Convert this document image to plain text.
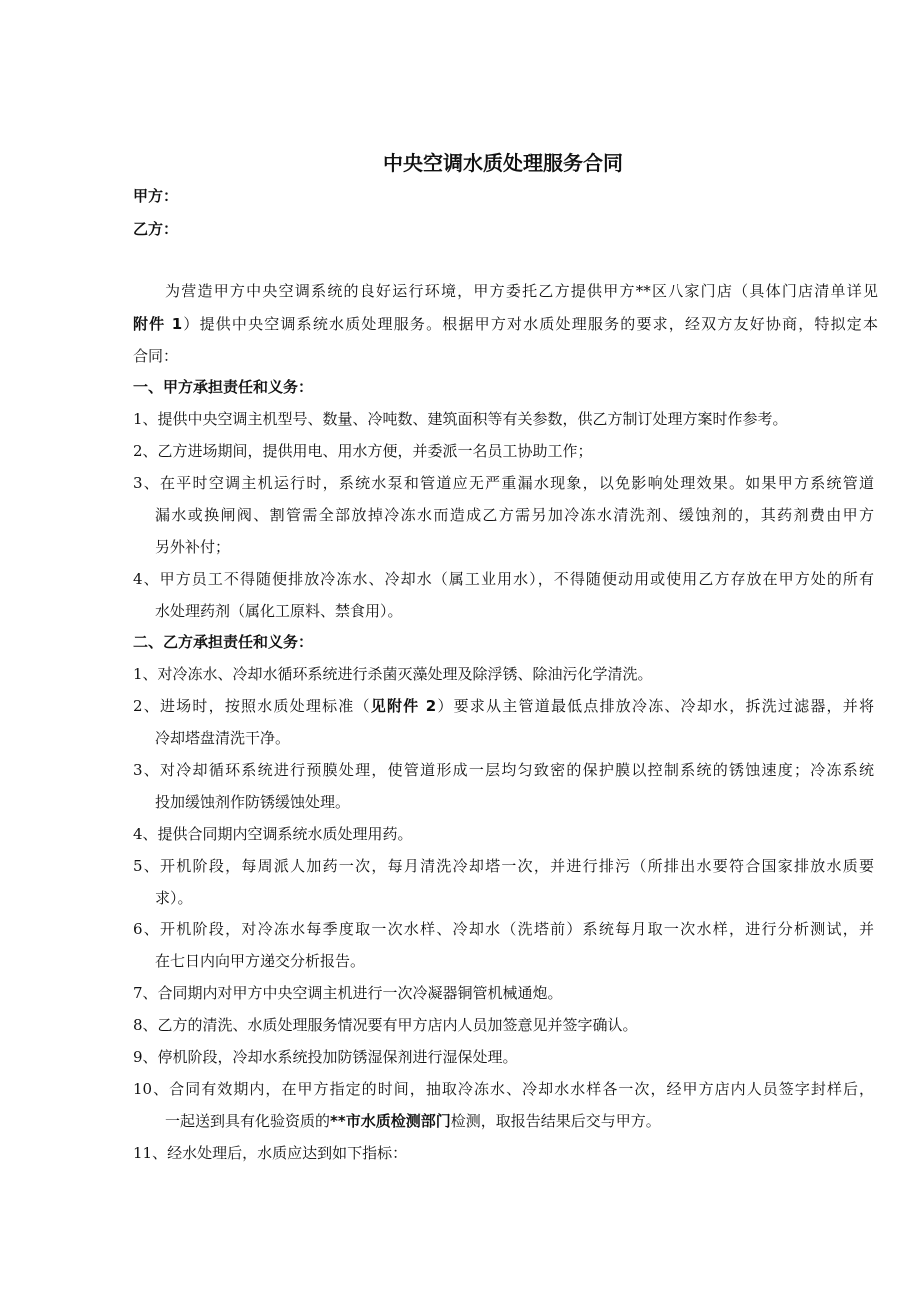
中央空调水质处理服务合同
甲方：
乙方：
为营造甲方中央空调系统的良好运行环境，甲方委托乙方提供甲方**区八家门店（具体门店清单详见
附件 1）提供中央空调系统水质处理服务。根据甲方对水质处理服务的要求，经双方友好协商，特拟定本
合同：
一、甲方承担责任和义务：
1、提供中央空调主机型号、数量、冷吨数、建筑面积等有关参数，供乙方制订处理方案时作参考。
2、乙方进场期间，提供用电、用水方便，并委派一名员工协助工作；
3、在平时空调主机运行时，系统水泵和管道应无严重漏水现象，以免影响处理效果。如果甲方系统管道
漏水或换闸阀、割管需全部放掉冷冻水而造成乙方需另加冷冻水清洗剂、缓蚀剂的，其药剂费由甲方
另外补付；
4、甲方员工不得随便排放冷冻水、冷却水（属工业用水），不得随便动用或使用乙方存放在甲方处的所有
水处理药剂（属化工原料、禁食用）。
二、乙方承担责任和义务：
1、对冷冻水、冷却水循环系统进行杀菌灭藻处理及除浮锈、除油污化学清洗。
2、进场时，按照水质处理标准（见附件 2）要求从主管道最低点排放冷冻、冷却水，拆洗过滤器，并将
冷却塔盘清洗干净。
3、对冷却循环系统进行预膜处理，使管道形成一层均匀致密的保护膜以控制系统的锈蚀速度；冷冻系统
投加缓蚀剂作防锈缓蚀处理。
4、提供合同期内空调系统水质处理用药。
5、开机阶段，每周派人加药一次，每月清洗冷却塔一次，并进行排污（所排出水要符合国家排放水质要
求）。
6、开机阶段，对冷冻水每季度取一次水样、冷却水（洗塔前）系统每月取一次水样，进行分析测试，并
在七日内向甲方递交分析报告。
7、合同期内对甲方中央空调主机进行一次冷凝器铜管机械通炮。
8、乙方的清洗、水质处理服务情况要有甲方店内人员加签意见并签字确认。
9、停机阶段，冷却水系统投加防锈湿保剂进行湿保处理。
10、合同有效期内，在甲方指定的时间，抽取冷冻水、冷却水水样各一次，经甲方店内人员签字封样后，
一起送到具有化验资质的**市水质检测部门检测，取报告结果后交与甲方。
11、经水处理后，水质应达到如下指标：
